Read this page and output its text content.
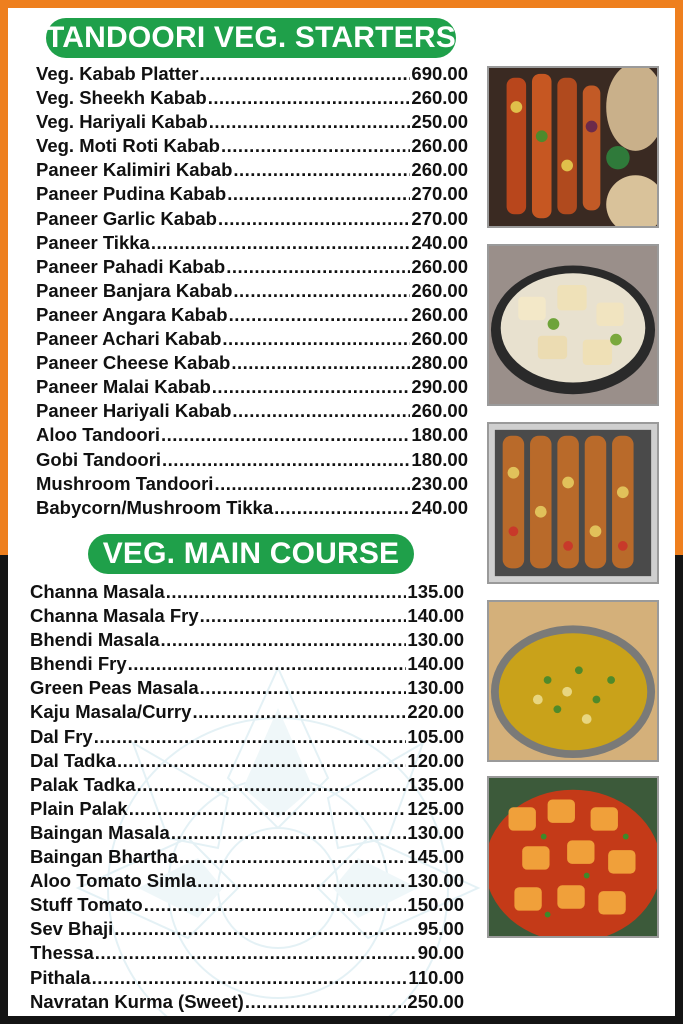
TANDOORI VEG. STARTERS
Veg. Kabab Platter .....	690.00
Veg. Sheekh Kabab .....	260.00
Veg. Hariyali Kabab .....	250.00
Veg. Moti Roti Kabab .....	260.00
Paneer Kalimiri Kabab .....	260.00
Paneer Pudina Kabab .....	270.00
Paneer Garlic Kabab .....	270.00
Paneer Tikka .....	240.00
Paneer Pahadi Kabab .....	260.00
Paneer Banjara Kabab .....	260.00
Paneer Angara Kabab .....	260.00
Paneer Achari Kabab .....	260.00
Paneer Cheese Kabab .....	280.00
Paneer Malai Kabab .....	290.00
Paneer Hariyali Kabab .....	260.00
Aloo Tandoori .....	180.00
Gobi Tandoori .....	180.00
Mushroom Tandoori .....	230.00
Babycorn/Mushroom Tikka .....	240.00
VEG. MAIN COURSE
Channa Masala .....	135.00
Channa Masala Fry .....	140.00
Bhendi Masala .....	130.00
Bhendi Fry .....	140.00
Green Peas Masala .....	130.00
Kaju Masala/Curry .....	220.00
Dal Fry .....	105.00
Dal Tadka .....	120.00
Palak Tadka .....	135.00
Plain Palak .....	125.00
Baingan Masala .....	130.00
Baingan Bhartha .....	145.00
Aloo Tomato Simla .....	130.00
Stuff Tomato .....	150.00
Sev Bhaji .....	95.00
Thessa .....	90.00
Pithala .....	110.00
Navratan Kurma (Sweet) .....	250.00
